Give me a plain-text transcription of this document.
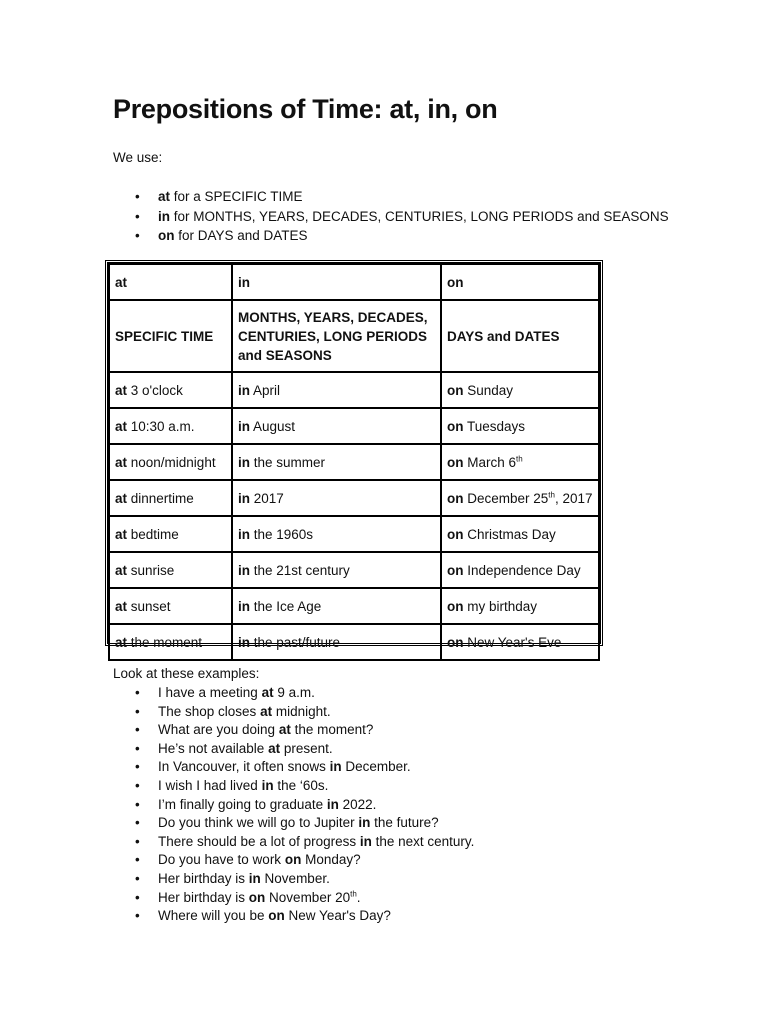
Prepositions of Time: at, in, on

We use:

• at for a SPECIFIC TIME
• in for MONTHS, YEARS, DECADES, CENTURIES, LONG PERIODS and SEASONS
• on for DAYS and DATES
at	in	on
SPECIFIC TIME	MONTHS, YEARS, DECADES, CENTURIES, LONG PERIODS and SEASONS	DAYS and DATES
at 3 o'clock	in April	on Sunday
at 10:30 a.m.	in August	on Tuesdays
at noon/midnight	in the summer	on March 6th
at dinnertime	in 2017	on December 25th, 2017
at bedtime	in the 1960s	on Christmas Day
at sunrise	in the 21st century	on Independence Day
at sunset	in the Ice Age	on my birthday
at the moment	in the past/future	on New Year's Eve

Look at these examples:

• I have a meeting at 9 a.m.
• The shop closes at midnight.
• What are you doing at the moment?
• He’s not available at present.
• In Vancouver, it often snows in December.
• I wish I had lived in the ‘60s.
• I’m finally going to graduate in 2022.
• Do you think we will go to Jupiter in the future?
• There should be a lot of progress in the next century.
• Do you have to work on Monday?
• Her birthday is in November.
• Her birthday is on November 20th.
• Where will you be on New Year's Day?
